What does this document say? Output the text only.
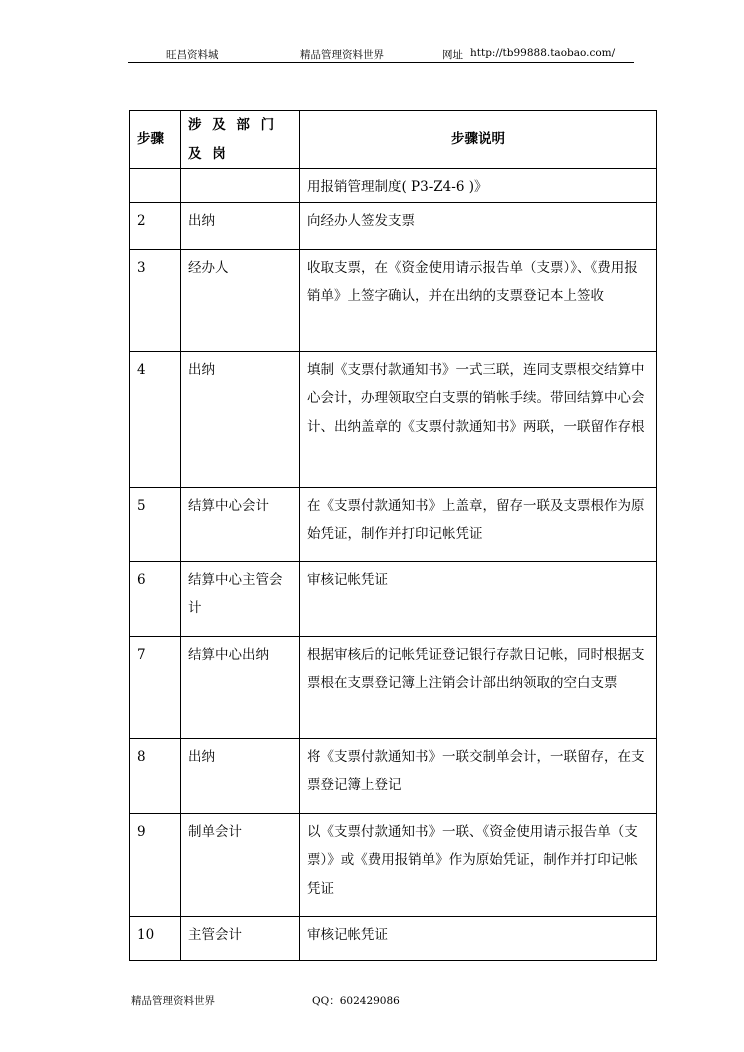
旺昌资料城	精品管理资料世界	网址 http://tb99888.taobao.com/
步骤	涉 及 部 门 及 岗	步骤说明
		用报销管理制度( P3-Z4-6 )》
2	出纳	向经办人签发支票
3	经办人	收取支票，在《资金使用请示报告单（支票）》、《费用报销单》上签字确认，并在出纳的支票登记本上签收
4	出纳	填制《支票付款通知书》一式三联，连同支票根交结算中心会计，办理领取空白支票的销帐手续。带回结算中心会计、出纳盖章的《支票付款通知书》两联，一联留作存根
5	结算中心会计	在《支票付款通知书》上盖章，留存一联及支票根作为原始凭证，制作并打印记帐凭证
6	结算中心主管会计	审核记帐凭证
7	结算中心出纳	根据审核后的记帐凭证登记银行存款日记帐，同时根据支票根在支票登记簿上注销会计部出纳领取的空白支票
8	出纳	将《支票付款通知书》一联交制单会计，一联留存，在支票登记簿上登记
9	制单会计	以《支票付款通知书》一联、《资金使用请示报告单（支票）》或《费用报销单》作为原始凭证，制作并打印记帐凭证
10	主管会计	审核记帐凭证
精品管理资料世界	QQ：602429086
